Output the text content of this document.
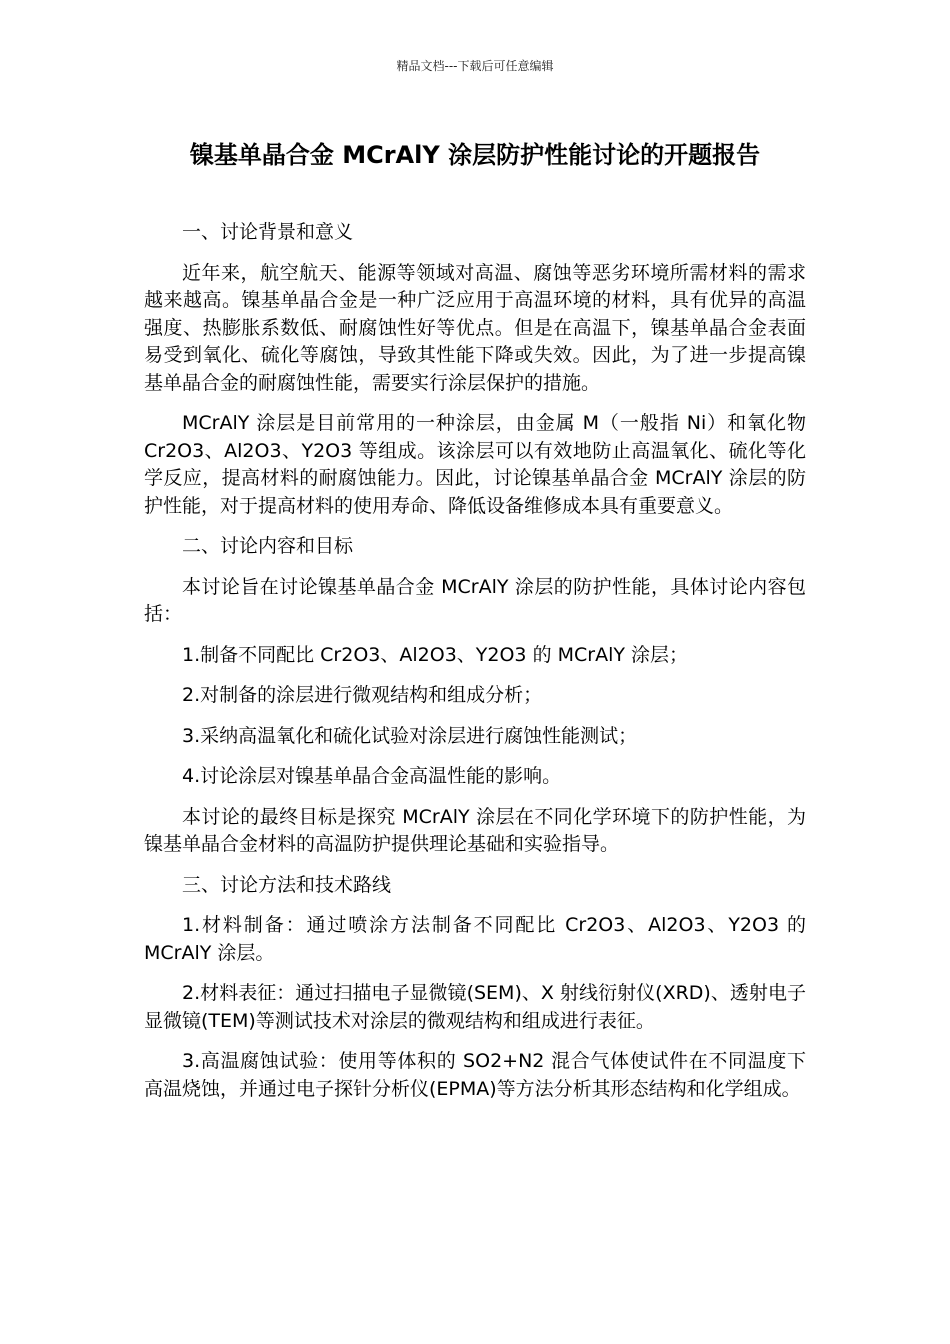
精品文档---下载后可任意编辑
镍基单晶合金 MCrAlY 涂层防护性能讨论的开题报告

一、讨论背景和意义

近年来，航空航天、能源等领域对高温、腐蚀等恶劣环境所需材料的需求越来越高。镍基单晶合金是一种广泛应用于高温环境的材料，具有优异的高温强度、热膨胀系数低、耐腐蚀性好等优点。但是在高温下，镍基单晶合金表面易受到氧化、硫化等腐蚀，导致其性能下降或失效。因此，为了进一步提高镍基单晶合金的耐腐蚀性能，需要实行涂层保护的措施。

MCrAlY 涂层是目前常用的一种涂层，由金属 M（一般指 Ni）和氧化物 Cr2O3、Al2O3、Y2O3 等组成。该涂层可以有效地防止高温氧化、硫化等化学反应，提高材料的耐腐蚀能力。因此，讨论镍基单晶合金 MCrAlY 涂层的防护性能，对于提高材料的使用寿命、降低设备维修成本具有重要意义。

二、讨论内容和目标

本讨论旨在讨论镍基单晶合金 MCrAlY 涂层的防护性能，具体讨论内容包括：

1.制备不同配比 Cr2O3、Al2O3、Y2O3 的 MCrAlY 涂层；

2.对制备的涂层进行微观结构和组成分析；

3.采纳高温氧化和硫化试验对涂层进行腐蚀性能测试；

4.讨论涂层对镍基单晶合金高温性能的影响。

本讨论的最终目标是探究 MCrAlY 涂层在不同化学环境下的防护性能，为镍基单晶合金材料的高温防护提供理论基础和实验指导。

三、讨论方法和技术路线

1.材料制备：通过喷涂方法制备不同配比 Cr2O3、Al2O3、Y2O3 的 MCrAlY 涂层。

2.材料表征：通过扫描电子显微镜(SEM)、X 射线衍射仪(XRD)、透射电子显微镜(TEM)等测试技术对涂层的微观结构和组成进行表征。

3.高温腐蚀试验：使用等体积的 SO2+N2 混合气体使试件在不同温度下高温烧蚀，并通过电子探针分析仪(EPMA)等方法分析其形态结构和化学组成。
